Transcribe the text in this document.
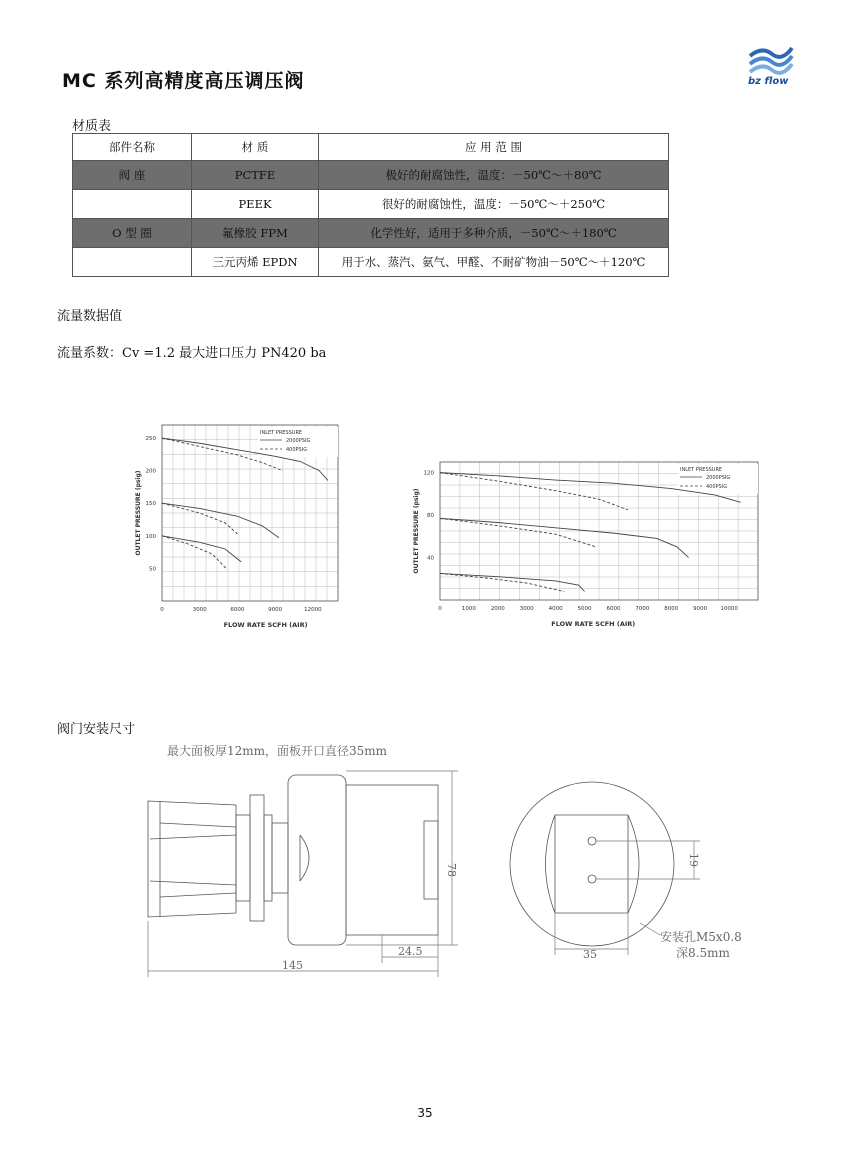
MC 系列高精度高压调压阀	bz flow
材质表
部件名称	材 质	应 用 范 围
阀 座	PCTFE	极好的耐腐蚀性，温度：－50℃～＋80℃
	PEEK	很好的耐腐蚀性，温度：－50℃～＋250℃
O 型 圈	氟橡胶 FPM	化学性好，适用于多种介质，－50℃～＋180℃
	三元丙烯 EPDN	用于水、蒸汽、氨气、甲醛、不耐矿物油－50℃～＋120℃
流量数据值
流量系数：Cv =1.2 最大进口压力 PN420 ba
0	3000	6000	9000	12000
50
100
150
200
250
FLOW RATE SCFH (AIR)
OUTLET PRESSURE (psig)
INLET PRESSURE
2000PSIG
400PSIG
0	1000	2000	3000	4000	5000	6000	7000	8000	9000 10000
40
80
120
FLOW RATE SCFH (AIR)
OUTLET PRESSURE (psig)
INLET PRESSURE
2000PSIG
400PSIG
阀门安装尺寸
最大面板厚12mm，面板开口直径35mm
145
24.5
78
35
19
安装孔M5x0.8
深8.5mm
35
